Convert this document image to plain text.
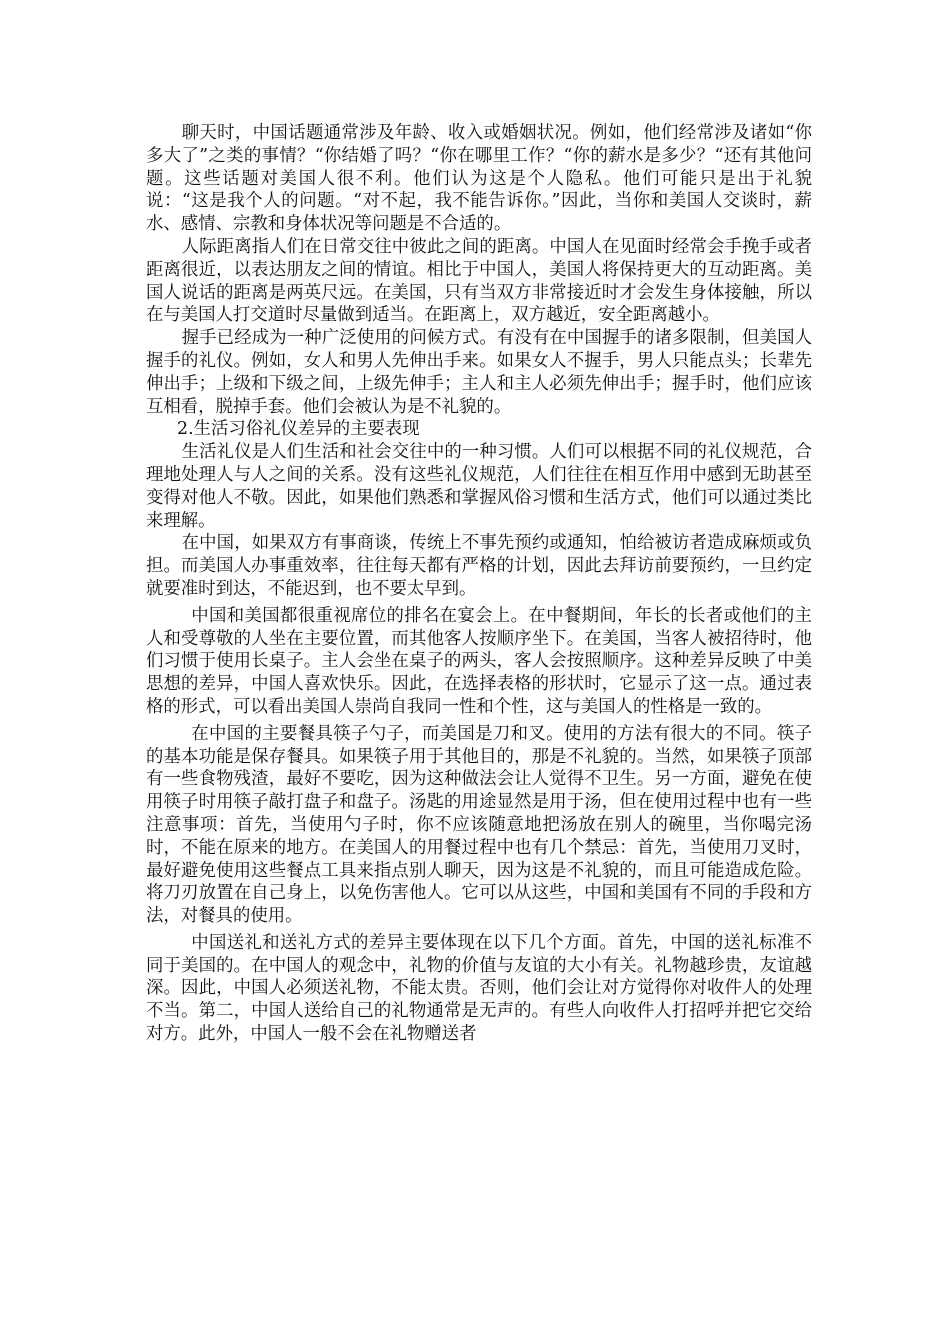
聊天时，中国话题通常涉及年龄、收入或婚姻状况。例如，他们经常涉及诸如“你多大了”之类的事情？“你结婚了吗？“你在哪里工作？“你的薪水是多少？“还有其他问题。这些话题对美国人很不利。他们认为这是个人隐私。他们可能只是出于礼貌说：“这是我个人的问题。“对不起，我不能告诉你。”因此，当你和美国人交谈时，薪水、感情、宗教和身体状况等问题是不合适的。

人际距离指人们在日常交往中彼此之间的距离。中国人在见面时经常会手挽手或者距离很近，以表达朋友之间的情谊。相比于中国人，美国人将保持更大的互动距离。美国人说话的距离是两英尺远。在美国，只有当双方非常接近时才会发生身体接触，所以在与美国人打交道时尽量做到适当。在距离上，双方越近，安全距离越小。

握手已经成为一种广泛使用的问候方式。有没有在中国握手的诸多限制，但美国人握手的礼仪。例如，女人和男人先伸出手来。如果女人不握手，男人只能点头；长辈先伸出手；上级和下级之间，上级先伸手；主人和主人必须先伸出手；握手时，他们应该互相看，脱掉手套。他们会被认为是不礼貌的。

2.生活习俗礼仪差异的主要表现

生活礼仪是人们生活和社会交往中的一种习惯。人们可以根据不同的礼仪规范，合理地处理人与人之间的关系。没有这些礼仪规范，人们往往在相互作用中感到无助甚至变得对他人不敬。因此，如果他们熟悉和掌握风俗习惯和生活方式，他们可以通过类比来理解。

在中国，如果双方有事商谈，传统上不事先预约或通知，怕给被访者造成麻烦或负担。而美国人办事重效率，往往每天都有严格的计划，因此去拜访前要预约，一旦约定就要准时到达，不能迟到，也不要太早到。

中国和美国都很重视席位的排名在宴会上。在中餐期间，年长的长者或他们的主人和受尊敬的人坐在主要位置，而其他客人按顺序坐下。在美国，当客人被招待时，他们习惯于使用长桌子。主人会坐在桌子的两头，客人会按照顺序。这种差异反映了中美思想的差异，中国人喜欢快乐。因此，在选择表格的形状时，它显示了这一点。通过表格的形式，可以看出美国人崇尚自我同一性和个性，这与美国人的性格是一致的。

在中国的主要餐具筷子勺子，而美国是刀和叉。使用的方法有很大的不同。筷子的基本功能是保存餐具。如果筷子用于其他目的，那是不礼貌的。当然，如果筷子顶部有一些食物残渣，最好不要吃，因为这种做法会让人觉得不卫生。另一方面，避免在使用筷子时用筷子敲打盘子和盘子。汤匙的用途显然是用于汤，但在使用过程中也有一些注意事项：首先，当使用勺子时，你不应该随意地把汤放在别人的碗里，当你喝完汤时，不能在原来的地方。在美国人的用餐过程中也有几个禁忌：首先，当使用刀叉时，最好避免使用这些餐点工具来指点别人聊天，因为这是不礼貌的，而且可能造成危险。将刀刃放置在自己身上，以免伤害他人。它可以从这些，中国和美国有不同的手段和方法，对餐具的使用。

中国送礼和送礼方式的差异主要体现在以下几个方面。首先，中国的送礼标准不同于美国的。在中国人的观念中，礼物的价值与友谊的大小有关。礼物越珍贵，友谊越深。因此，中国人必须送礼物，不能太贵。否则，他们会让对方觉得你对收件人的处理不当。第二，中国人送给自己的礼物通常是无声的。有些人向收件人打招呼并把它交给对方。此外，中国人一般不会在礼物赠送者
